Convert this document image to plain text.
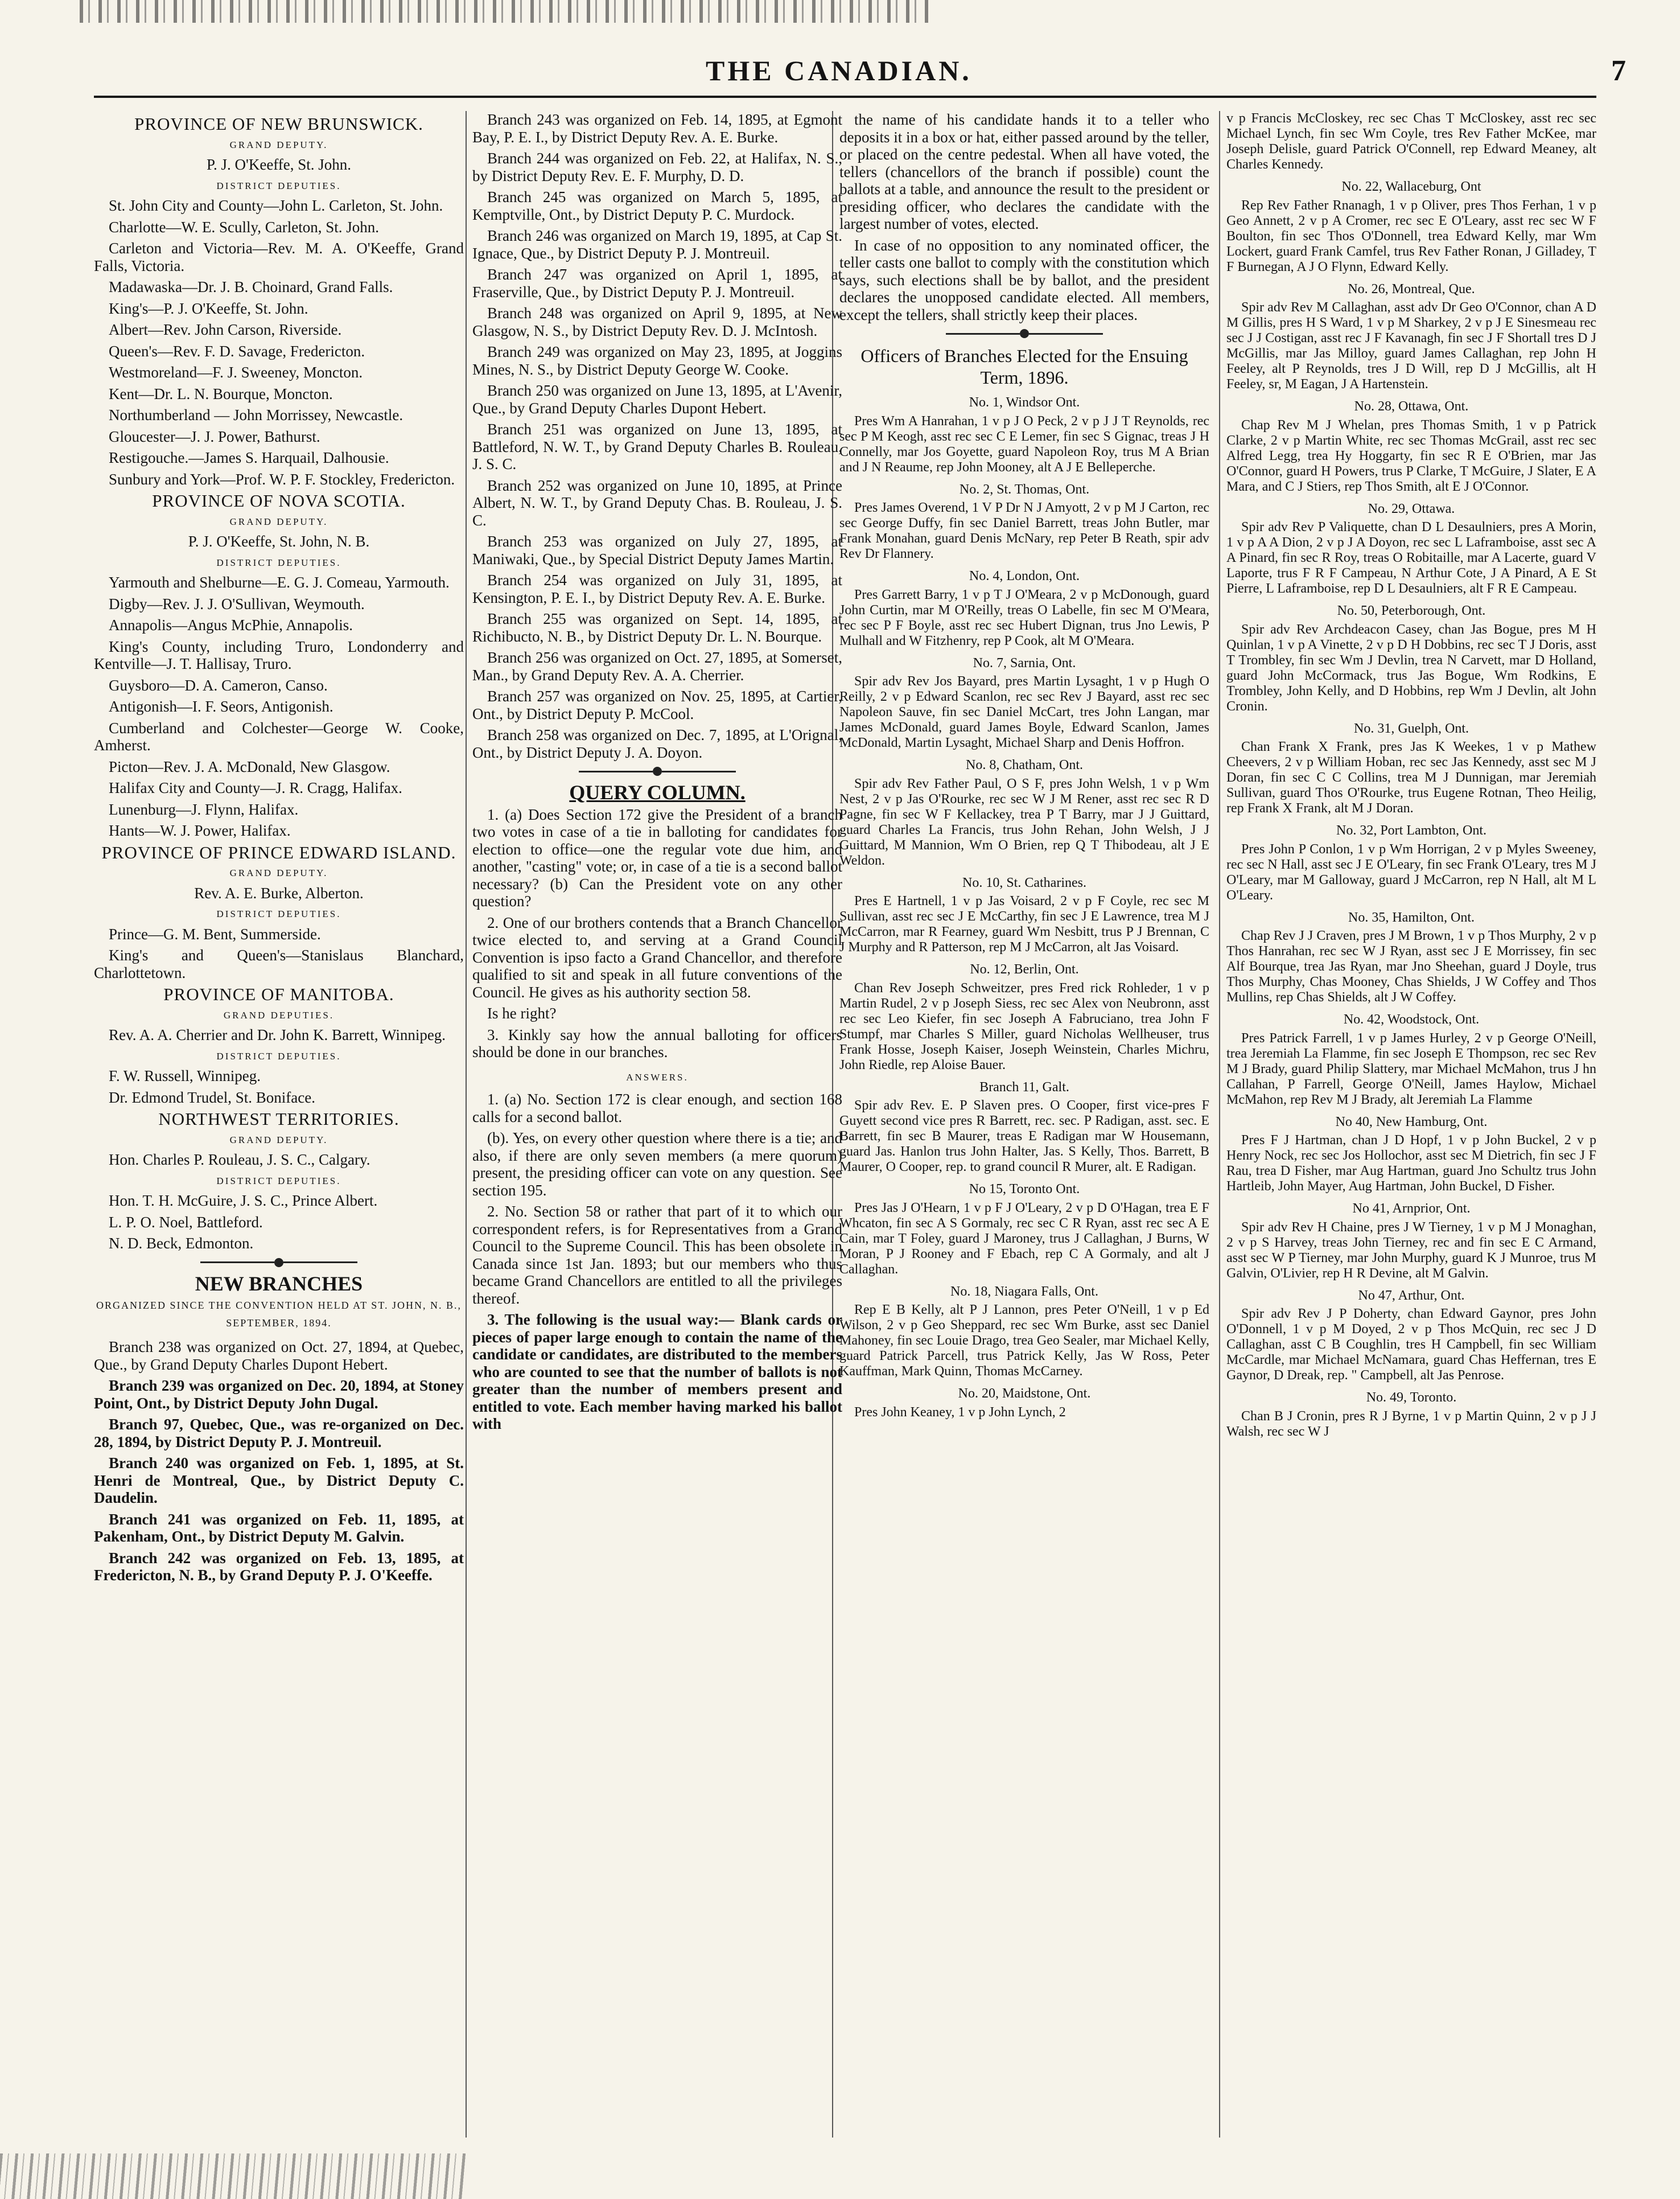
THE CANADIAN.	7
PROVINCE OF NEW BRUNSWICK.
GRAND DEPUTY.

P. J. O'Keeffe, St. John.

DISTRICT DEPUTIES.

St. John City and County—John L. Carleton, St. John.

Charlotte—W. E. Scully, Carleton, St. John.

Carleton and Victoria—Rev. M. A. O'Keeffe, Grand Falls, Victoria.

Madawaska—Dr. J. B. Choinard, Grand Falls.

King's—P. J. O'Keeffe, St. John.

Albert—Rev. John Carson, Riverside.

Queen's—Rev. F. D. Savage, Fredericton.

Westmoreland—F. J. Sweeney, Moncton.

Kent—Dr. L. N. Bourque, Moncton.

Northumberland — John Morrissey, Newcastle.

Gloucester—J. J. Power, Bathurst.

Restigouche.—James S. Harquail, Dalhousie.

Sunbury and York—Prof. W. P. F. Stockley, Fredericton.

PROVINCE OF NOVA SCOTIA.
GRAND DEPUTY.

P. J. O'Keeffe, St. John, N. B.

DISTRICT DEPUTIES.

Yarmouth and Shelburne—E. G. J. Comeau, Yarmouth.

Digby—Rev. J. J. O'Sullivan, Weymouth.

Annapolis—Angus McPhie, Annapolis.

King's County, including Truro, Londonderry and Kentville—J. T. Hallisay, Truro.

Guysboro—D. A. Cameron, Canso.

Antigonish—I. F. Seors, Antigonish.

Cumberland and Colchester—George W. Cooke, Amherst.

Picton—Rev. J. A. McDonald, New Glasgow.

Halifax City and County—J. R. Cragg, Halifax.

Lunenburg—J. Flynn, Halifax.

Hants—W. J. Power, Halifax.

PROVINCE OF PRINCE EDWARD ISLAND.
GRAND DEPUTY.

Rev. A. E. Burke, Alberton.

DISTRICT DEPUTIES.

Prince—G. M. Bent, Summerside.

King's and Queen's—Stanislaus Blanchard, Charlottetown.

PROVINCE OF MANITOBA.
GRAND DEPUTIES.

Rev. A. A. Cherrier and Dr. John K. Barrett, Winnipeg.

DISTRICT DEPUTIES.

F. W. Russell, Winnipeg.

Dr. Edmond Trudel, St. Boniface.

NORTHWEST TERRITORIES.
GRAND DEPUTY.

Hon. Charles P. Rouleau, J. S. C., Calgary.

DISTRICT DEPUTIES.

Hon. T. H. McGuire, J. S. C., Prince Albert.

L. P. O. Noel, Battleford.

N. D. Beck, Edmonton.

NEW BRANCHES
ORGANIZED SINCE THE CONVENTION HELD AT ST. JOHN, N. B., SEPTEMBER, 1894.

Branch 238 was organized on Oct. 27, 1894, at Quebec, Que., by Grand Deputy Charles Dupont Hebert.

Branch 239 was organized on Dec. 20, 1894, at Stoney Point, Ont., by District Deputy John Dugal.

Branch 97, Quebec, Que., was re-organized on Dec. 28, 1894, by District Deputy P. J. Montreuil.

Branch 240 was organized on Feb. 1, 1895, at St. Henri de Montreal, Que., by District Deputy C. Daudelin.

Branch 241 was organized on Feb. 11, 1895, at Pakenham, Ont., by District Deputy M. Galvin.

Branch 242 was organized on Feb. 13, 1895, at Fredericton, N. B., by Grand Deputy P. J. O'Keeffe.

Branch 243 was organized on Feb. 14, 1895, at Egmont Bay, P. E. I., by District Deputy Rev. A. E. Burke.

Branch 244 was organized on Feb. 22, at Halifax, N. S., by District Deputy Rev. E. F. Murphy, D. D.

Branch 245 was organized on March 5, 1895, at Kemptville, Ont., by District Deputy P. C. Murdock.

Branch 246 was organized on March 19, 1895, at Cap St. Ignace, Que., by District Deputy P. J. Montreuil.

Branch 247 was organized on April 1, 1895, at Fraserville, Que., by District Deputy P. J. Montreuil.

Branch 248 was organized on April 9, 1895, at New Glasgow, N. S., by District Deputy Rev. D. J. McIntosh.

Branch 249 was organized on May 23, 1895, at Joggins Mines, N. S., by District Deputy George W. Cooke.

Branch 250 was organized on June 13, 1895, at L'Avenir, Que., by Grand Deputy Charles Dupont Hebert.

Branch 251 was organized on June 13, 1895, at Battleford, N. W. T., by Grand Deputy Charles B. Rouleau, J. S. C.

Branch 252 was organized on June 10, 1895, at Prince Albert, N. W. T., by Grand Deputy Chas. B. Rouleau, J. S. C.

Branch 253 was organized on July 27, 1895, at Maniwaki, Que., by Special District Deputy James Martin.

Branch 254 was organized on July 31, 1895, at Kensington, P. E. I., by District Deputy Rev. A. E. Burke.

Branch 255 was organized on Sept. 14, 1895, at Richibucto, N. B., by District Deputy Dr. L. N. Bourque.

Branch 256 was organized on Oct. 27, 1895, at Somerset, Man., by Grand Deputy Rev. A. A. Cherrier.

Branch 257 was organized on Nov. 25, 1895, at Cartier, Ont., by District Deputy P. McCool.

Branch 258 was organized on Dec. 7, 1895, at L'Orignal, Ont., by District Deputy J. A. Doyon.

QUERY COLUMN.

1. (a) Does Section 172 give the President of a branch two votes in case of a tie in balloting for candidates for election to office—one the regular vote due him, and another, "casting" vote; or, in case of a tie is a second ballot necessary? (b) Can the President vote on any other question?

2. One of our brothers contends that a Branch Chancellor twice elected to, and serving at a Grand Council Convention is ipso facto a Grand Chancellor, and therefore qualified to sit and speak in all future conventions of the Council. He gives as his authority section 58.

Is he right?

3. Kinkly say how the annual balloting for officers should be done in our branches.

ANSWERS.

1. (a) No. Section 172 is clear enough, and section 168 calls for a second ballot.

(b). Yes, on every other question where there is a tie; and also, if there are only seven members (a mere quorum) present, the presiding officer can vote on any question. See section 195.

2. No. Section 58 or rather that part of it to which our correspondent refers, is for Representatives from a Grand Council to the Supreme Council. This has been obsolete in Canada since 1st Jan. 1893; but our members who thus became Grand Chancellors are entitled to all the privileges thereof.

3. The following is the usual way:— Blank cards or pieces of paper large enough to contain the name of the candidate or candidates, are distributed to the members who are counted to see that the number of ballots is not greater than the number of members present and entitled to vote. Each member having marked his ballot with

the name of his candidate hands it to a teller who deposits it in a box or hat, either passed around by the teller, or placed on the centre pedestal. When all have voted, the tellers (chancellors of the branch if possible) count the ballots at a table, and announce the result to the president or presiding officer, who declares the candidate with the largest number of votes, elected.

In case of no opposition to any nominated officer, the teller casts one ballot to comply with the constitution which says, such elections shall be by ballot, and the president declares the unopposed candidate elected. All members, except the tellers, shall strictly keep their places.

Officers of Branches Elected for the Ensuing Term, 1896.
No. 1, Windsor Ont.

Pres Wm A Hanrahan, 1 v p J O Peck, 2 v p J J T Reynolds, rec sec P M Keogh, asst rec sec C E Lemer, fin sec S Gignac, treas J H Connelly, mar Jos Goyette, guard Napoleon Roy, trus M A Brian and J N Reaume, rep John Mooney, alt A J E Belleperche.

No. 2, St. Thomas, Ont.

Pres James Overend, 1 V P Dr N J Amyott, 2 v p M J Carton, rec sec George Duffy, fin sec Daniel Barrett, treas John Butler, mar Frank Monahan, guard Denis McNary, rep Peter B Reath, spir adv Rev Dr Flannery.

No. 4, London, Ont.

Pres Garrett Barry, 1 v p T J O'Meara, 2 v p McDonough, guard John Curtin, mar M O'Reilly, treas O Labelle, fin sec M O'Meara, rec sec P F Boyle, asst rec sec Hubert Dignan, trus Jno Lewis, P Mulhall and W Fitzhenry, rep P Cook, alt M O'Meara.

No. 7, Sarnia, Ont.

Spir adv Rev Jos Bayard, pres Martin Lysaght, 1 v p Hugh O Reilly, 2 v p Edward Scanlon, rec sec Rev J Bayard, asst rec sec Napoleon Sauve, fin sec Daniel McCart, tres John Langan, mar James McDonald, guard James Boyle, Edward Scanlon, James McDonald, Martin Lysaght, Michael Sharp and Denis Hoffron.

No. 8, Chatham, Ont.

Spir adv Rev Father Paul, O S F, pres John Welsh, 1 v p Wm Nest, 2 v p Jas O'Rourke, rec sec W J M Rener, asst rec sec R D Pagne, fin sec W F Kellackey, trea P T Barry, mar J J Guittard, guard Charles La Francis, trus John Rehan, John Welsh, J J Guittard, M Mannion, Wm O Brien, rep Q T Thibodeau, alt J E Weldon.

No. 10, St. Catharines.

Pres E Hartnell, 1 v p Jas Voisard, 2 v p F Coyle, rec sec M Sullivan, asst rec sec J E McCarthy, fin sec J E Lawrence, trea M J McCarron, mar R Fearney, guard Wm Nesbitt, trus P J Brennan, C J Murphy and R Patterson, rep M J McCarron, alt Jas Voisard.

No. 12, Berlin, Ont.

Chan Rev Joseph Schweitzer, pres Fred rick Rohleder, 1 v p Martin Rudel, 2 v p Joseph Siess, rec sec Alex von Neubronn, asst rec sec Leo Kiefer, fin sec Joseph A Fabruciano, trea John F Stumpf, mar Charles S Miller, guard Nicholas Wellheuser, trus Frank Hosse, Joseph Kaiser, Joseph Weinstein, Charles Michru, John Riedle, rep Aloise Bauer.

Branch 11, Galt.

Spir adv Rev. E. P Slaven pres. O Cooper, first vice-pres F Guyett second vice pres R Barrett, rec. sec. P Radigan, asst. sec. E Barrett, fin sec B Maurer, treas E Radigan mar W Housemann, guard Jas. Hanlon trus John Halter, Jas. S Kelly, Thos. Barrett, B Maurer, O Cooper, rep. to grand council R Murer, alt. E Radigan.

No 15, Toronto Ont.

Pres Jas J O'Hearn, 1 v p F J O'Leary, 2 v p D O'Hagan, trea E F Whcaton, fin sec A S Gormaly, rec sec C R Ryan, asst rec sec A E Cain, mar T Foley, guard J Maroney, trus J Callaghan, J Burns, W Moran, P J Rooney and F Ebach, rep C A Gormaly, and alt J Callaghan.

No. 18, Niagara Falls, Ont.

Rep E B Kelly, alt P J Lannon, pres Peter O'Neill, 1 v p Ed Wilson, 2 v p Geo Sheppard, rec sec Wm Burke, asst sec Daniel Mahoney, fin sec Louie Drago, trea Geo Sealer, mar Michael Kelly, guard Patrick Parcell, trus Patrick Kelly, Jas W Ross, Peter Kauffman, Mark Quinn, Thomas McCarney.

No. 20, Maidstone, Ont.

Pres John Keaney, 1 v p John Lynch, 2

v p Francis McCloskey, rec sec Chas T McCloskey, asst rec sec Michael Lynch, fin sec Wm Coyle, tres Rev Father McKee, mar Joseph Delisle, guard Patrick O'Connell, rep Edward Meaney, alt Charles Kennedy.

No. 22, Wallaceburg, Ont

Rep Rev Father Rnanagh, 1 v p Oliver, pres Thos Ferhan, 1 v p Geo Annett, 2 v p A Cromer, rec sec E O'Leary, asst rec sec W F Boulton, fin sec Thos O'Donnell, trea Edward Kelly, mar Wm Lockert, guard Frank Camfel, trus Rev Father Ronan, J Gilladey, T F Burnegan, A J O Flynn, Edward Kelly.

No. 26, Montreal, Que.

Spir adv Rev M Callaghan, asst adv Dr Geo O'Connor, chan A D M Gillis, pres H S Ward, 1 v p M Sharkey, 2 v p J E Sinesmeau rec sec J J Costigan, asst rec J F Kavanagh, fin sec J F Shortall tres D J McGillis, mar Jas Milloy, guard James Callaghan, rep John H Feeley, alt P Reynolds, tres J D Will, rep D J McGillis, alt H Feeley, sr, M Eagan, J A Hartenstein.

No. 28, Ottawa, Ont.

Chap Rev M J Whelan, pres Thomas Smith, 1 v p Patrick Clarke, 2 v p Martin White, rec sec Thomas McGrail, asst rec sec Alfred Legg, trea Hy Hoggarty, fin sec R E O'Brien, mar Jas O'Connor, guard H Powers, trus P Clarke, T McGuire, J Slater, E A Mara, and C J Stiers, rep Thos Smith, alt E J O'Connor.

No. 29, Ottawa.

Spir adv Rev P Valiquette, chan D L Desaulniers, pres A Morin, 1 v p A A Dion, 2 v p J A Doyon, rec sec L Laframboise, asst sec A A Pinard, fin sec R Roy, treas O Robitaille, mar A Lacerte, guard V Laporte, trus F R F Campeau, N Arthur Cote, J A Pinard, A E St Pierre, L Laframboise, rep D L Desaulniers, alt F R E Campeau.

No. 50, Peterborough, Ont.

Spir adv Rev Archdeacon Casey, chan Jas Bogue, pres M H Quinlan, 1 v p A Vinette, 2 v p D H Dobbins, rec sec T J Doris, asst T Trombley, fin sec Wm J Devlin, trea N Carvett, mar D Holland, guard John McCormack, trus Jas Bogue, Wm Rodkins, E Trombley, John Kelly, and D Hobbins, rep Wm J Devlin, alt John Cronin.

No. 31, Guelph, Ont.

Chan Frank X Frank, pres Jas K Weekes, 1 v p Mathew Cheevers, 2 v p William Hoban, rec sec Jas Kennedy, asst sec M J Doran, fin sec C C Collins, trea M J Dunnigan, mar Jeremiah Sullivan, guard Thos O'Rourke, trus Eugene Rotnan, Theo Heilig, rep Frank X Frank, alt M J Doran.

No. 32, Port Lambton, Ont.

Pres John P Conlon, 1 v p Wm Horrigan, 2 v p Myles Sweeney, rec sec N Hall, asst sec J E O'Leary, fin sec Frank O'Leary, tres M J O'Leary, mar M Galloway, guard J McCarron, rep N Hall, alt M L O'Leary.

No. 35, Hamilton, Ont.

Chap Rev J J Craven, pres J M Brown, 1 v p Thos Murphy, 2 v p Thos Hanrahan, rec sec W J Ryan, asst sec J E Morrissey, fin sec Alf Bourque, trea Jas Ryan, mar Jno Sheehan, guard J Doyle, trus Thos Murphy, Chas Mooney, Chas Shields, J W Coffey and Thos Mullins, rep Chas Shields, alt J W Coffey.

No. 42, Woodstock, Ont.

Pres Patrick Farrell, 1 v p James Hurley, 2 v p George O'Neill, trea Jeremiah La Flamme, fin sec Joseph E Thompson, rec sec Rev M J Brady, guard Philip Slattery, mar Michael McMahon, trus J hn Callahan, P Farrell, George O'Neill, James Haylow, Michael McMahon, rep Rev M J Brady, alt Jeremiah La Flamme

No 40, New Hamburg, Ont.

Pres F J Hartman, chan J D Hopf, 1 v p John Buckel, 2 v p Henry Nock, rec sec Jos Hollochor, asst sec M Dietrich, fin sec J F Rau, trea D Fisher, mar Aug Hartman, guard Jno Schultz trus John Hartleib, John Mayer, Aug Hartman, John Buckel, D Fisher.

No 41, Arnprior, Ont.

Spir adv Rev H Chaine, pres J W Tierney, 1 v p M J Monaghan, 2 v p S Harvey, treas John Tierney, rec and fin sec E C Armand, asst sec W P Tierney, mar John Murphy, guard K J Munroe, trus M Galvin, O'Livier, rep H R Devine, alt M Galvin.

No 47, Arthur, Ont.

Spir adv Rev J P Doherty, chan Edward Gaynor, pres John O'Donnell, 1 v p M Doyed, 2 v p Thos McQuin, rec sec J D Callaghan, asst C B Coughlin, tres H Campbell, fin sec William McCardle, mar Michael McNamara, guard Chas Heffernan, tres E Gaynor, D Dreak, rep. " Campbell, alt Jas Penrose.

No. 49, Toronto.

Chan B J Cronin, pres R J Byrne, 1 v p Martin Quinn, 2 v p J J Walsh, rec sec W J
